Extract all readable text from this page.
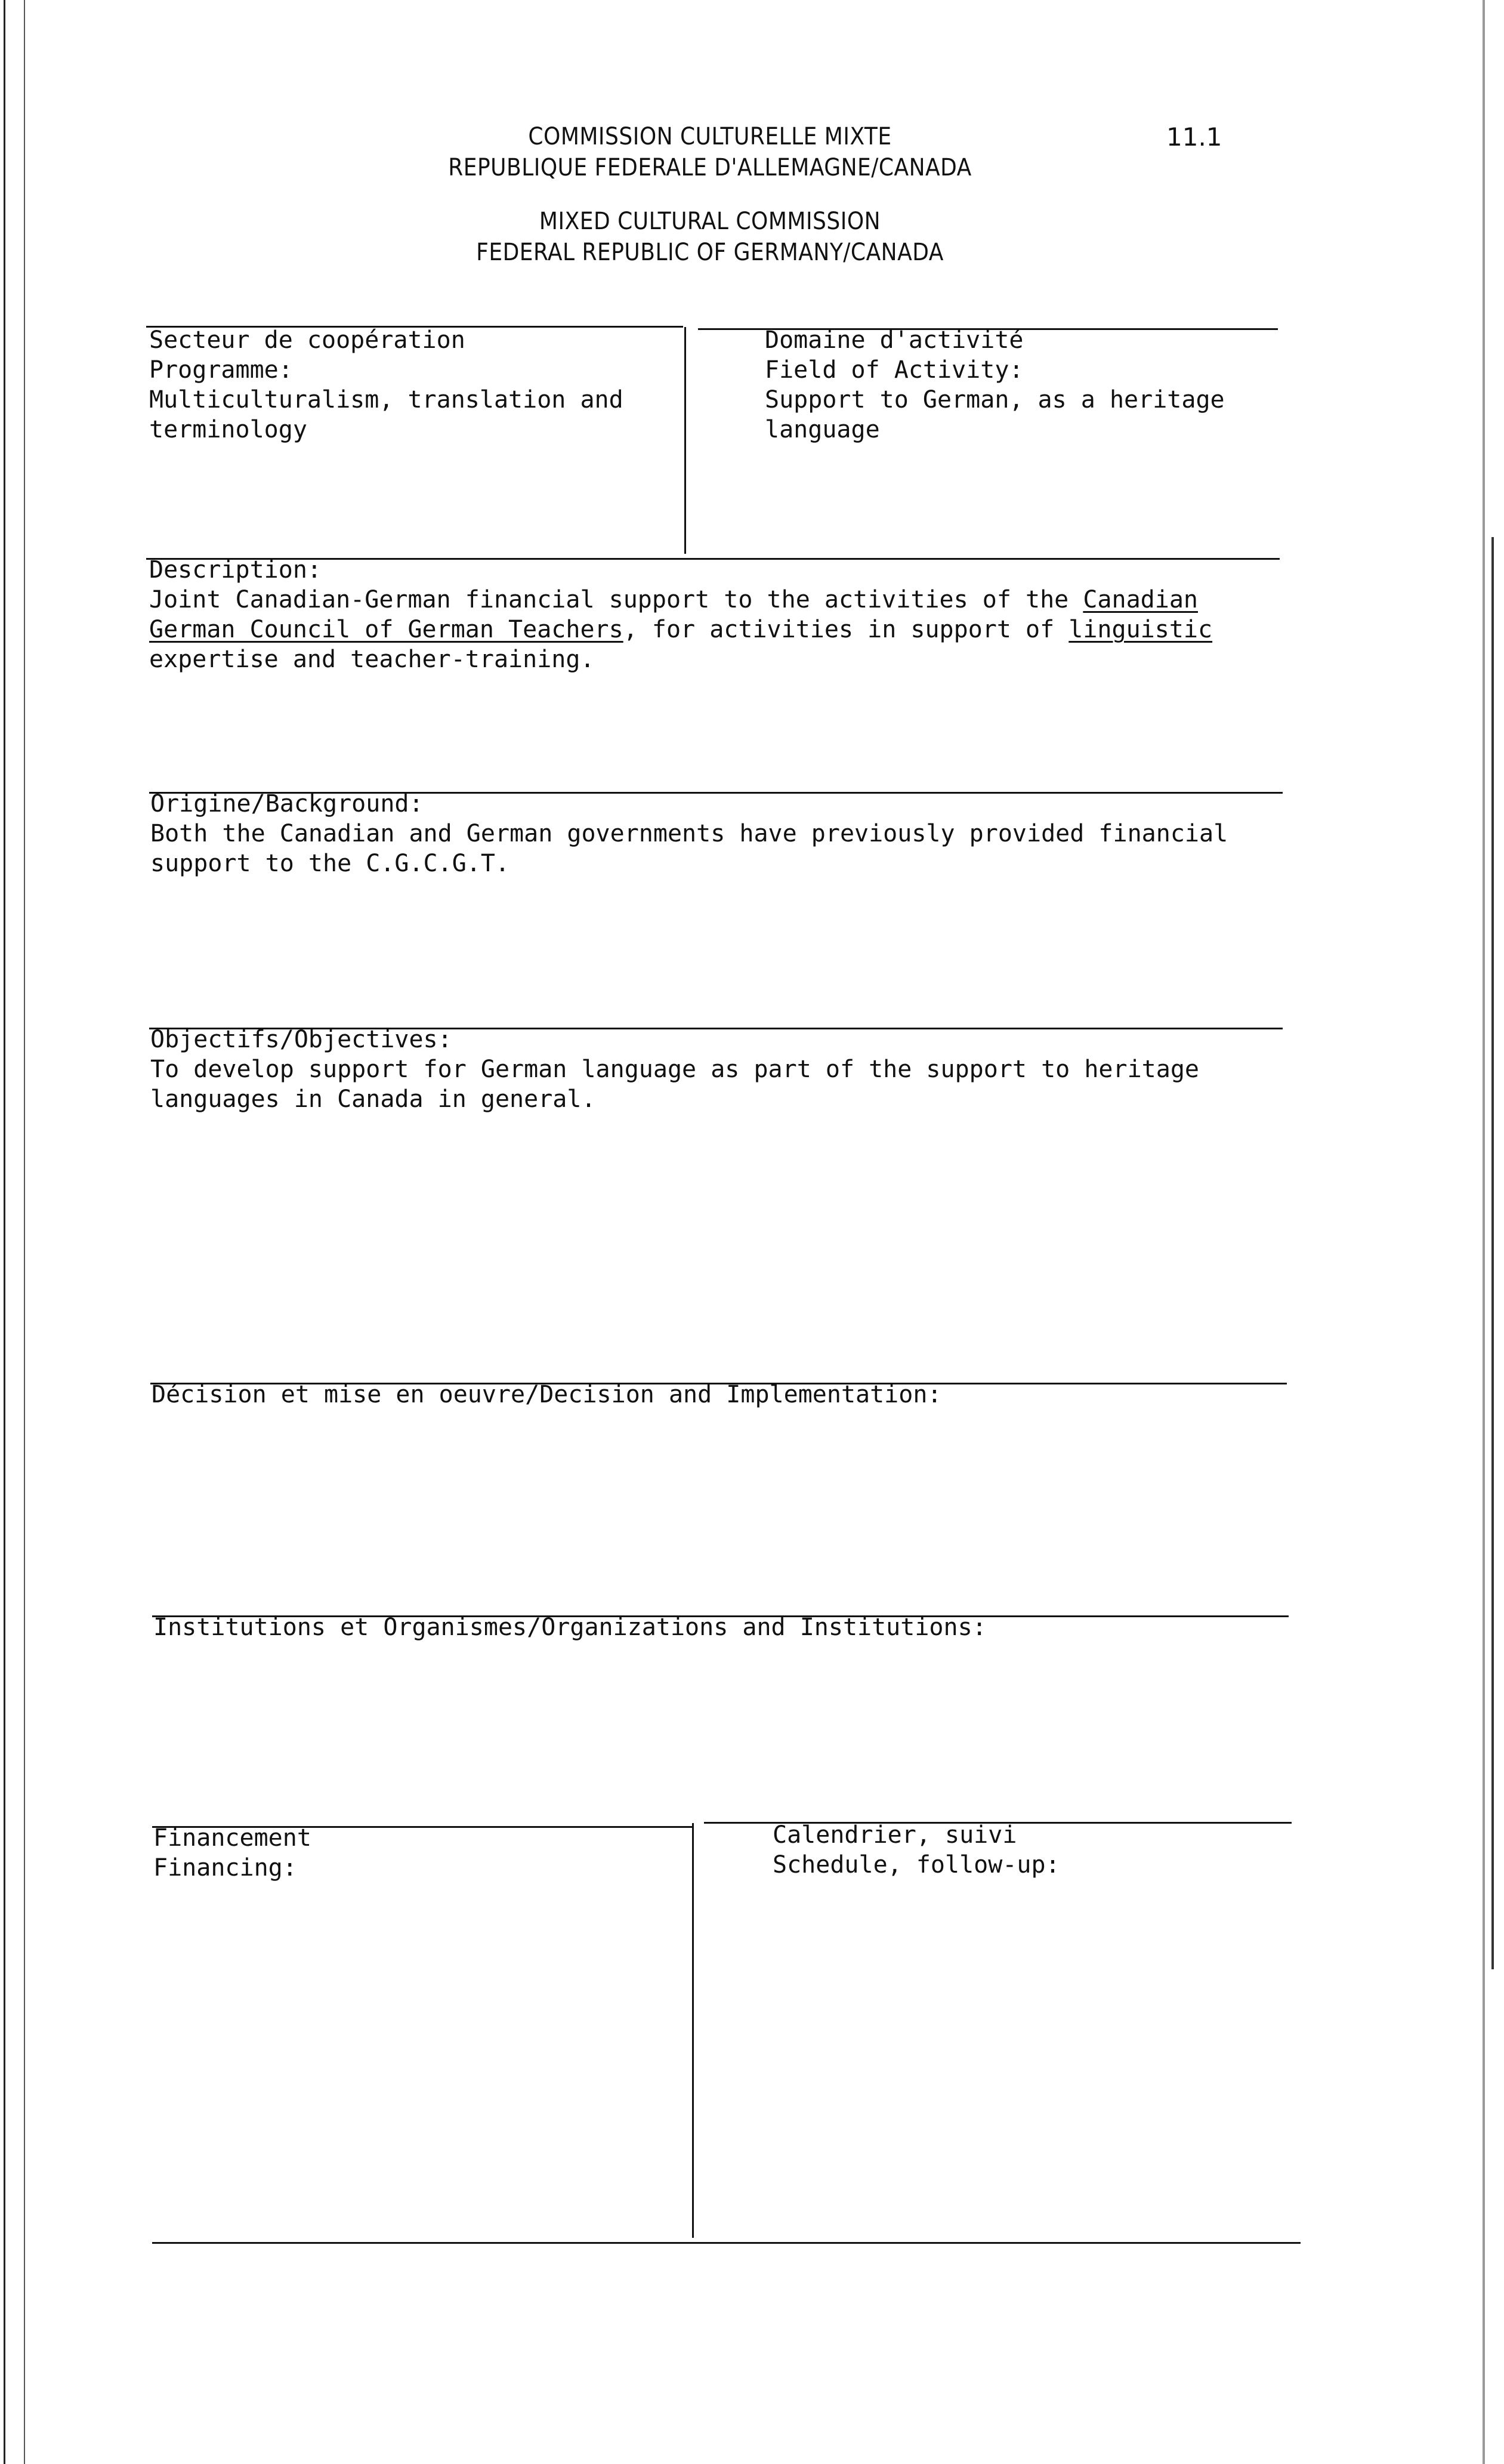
COMMISSION CULTURELLE MIXTE
REPUBLIQUE FEDERALE D'ALLEMAGNE/CANADA
11.1
MIXED CULTURAL COMMISSION
FEDERAL REPUBLIC OF GERMANY/CANADA
Secteur de coopération
Programme:
Multiculturalism, translation and
terminology
Domaine d'activité
Field of Activity:
Support to German, as a heritage
language
Description:
Joint Canadian-German financial support to the activities of the Canadian
German Council of German Teachers, for activities in support of linguistic
expertise and teacher-training.
Origine/Background:
Both the Canadian and German governments have previously provided financial
support to the C.G.C.G.T.
Objectifs/Objectives:
To develop support for German language as part of the support to heritage
languages in Canada in general.
Décision et mise en oeuvre/Decision and Implementation:
Institutions et Organismes/Organizations and Institutions:
Financement
Financing:
Calendrier, suivi
Schedule, follow-up:
